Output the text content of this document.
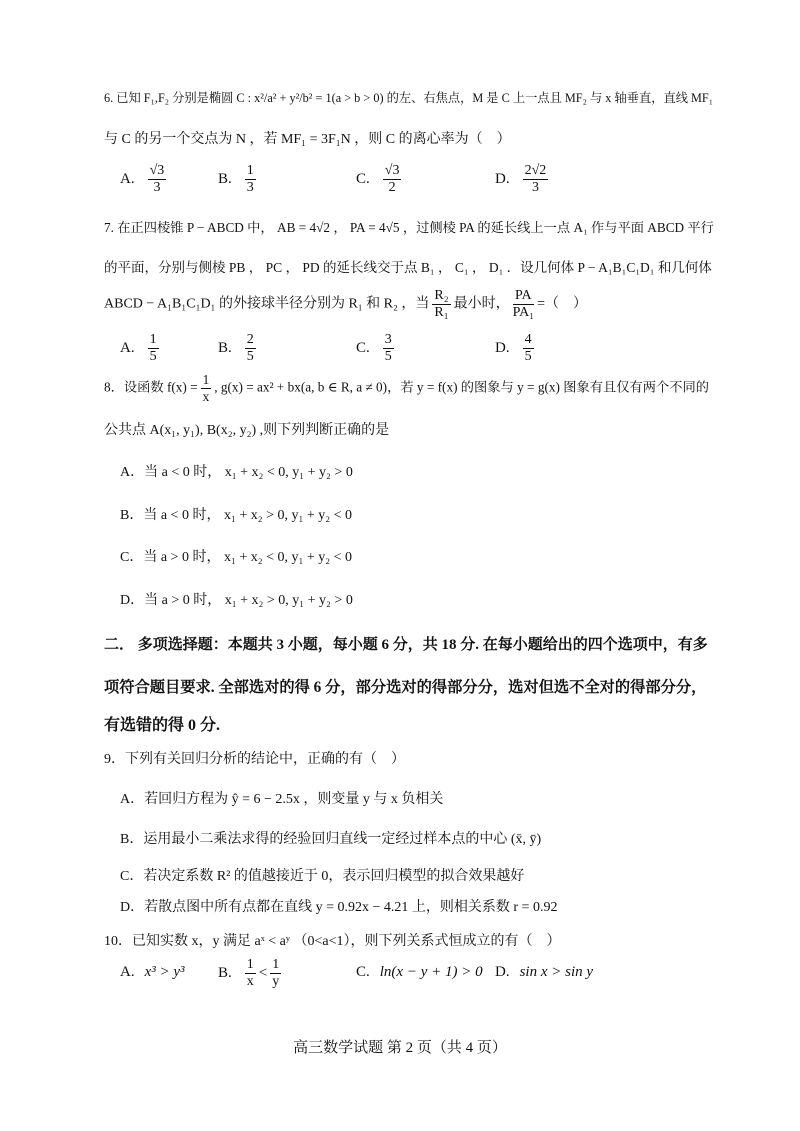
6. 已知 F₁,F₂ 分别是椭圆 C : x²/a² + y²/b² = 1(a > b > 0) 的左、右焦点，M 是 C 上一点且 MF₂ 与 x 轴垂直，直线 MF₁
与 C 的另一个交点为 N ，若 MF₁ = 3F₁N ，则 C 的离心率为（　）
A. $\frac{√3}{3}$	B. $\frac{1}{3}$	C. $\frac{√3}{2}$	D. $\frac{2√2}{3}$
7. 在正四棱锥 P − ABCD 中， AB = 4√2 ， PA = 4√5 ，过侧棱 PA 的延长线上一点 A₁ 作与平面 ABCD 平行
的平面，分别与侧棱 PB ， PC ， PD 的延长线交于点 B₁ ， C₁ ， D₁ ．设几何体 P − A₁B₁C₁D₁ 和几何体
ABCD − A₁B₁C₁D₁ 的外接球半径分别为 R₁ 和 R₂ ，当 $\frac{\text{R₂}}{\text{R₁}}$ 最小时， $\frac{PA}{\text{PA₁}}$ =（　）
A. $\frac{1}{5}$	B. $\frac{2}{5}$	C. $\frac{3}{5}$	D. $\frac{4}{5}$
8．设函数 $f(x) = \frac{1}{x}$ , g(x) = ax² + bx(a, b ∈ R, a ≠ 0)，若 y = f(x) 的图象与 y = g(x) 图象有且仅有两个不同的
公共点 A(x₁, y₁), B(x₂, y₂) ,则下列判断正确的是
A．当 a < 0 时， x₁ + x₂ < 0, y₁ + y₂ > 0
B．当 a < 0 时， x₁ + x₂ > 0, y₁ + y₂ < 0
C．当 a > 0 时， x₁ + x₂ < 0, y₁ + y₂ < 0
D．当 a > 0 时， x₁ + x₂ > 0, y₁ + y₂ > 0
二． 多项选择题：本题共 3 小题，每小题 6 分，共 18 分. 在每小题给出的四个选项中，有多
项符合题目要求. 全部选对的得 6 分，部分选对的得部分分，选对但选不全对的得部分分，
有选错的得 0 分.
9．下列有关回归分析的结论中，正确的有（　）
A．若回归方程为 ŷ = 6 − 2.5x ，则变量 y 与 x 负相关
B．运用最小二乘法求得的经验回归直线一定经过样本点的中心 (x̄, ȳ)
C．若决定系数 R² 的值越接近于 0，表示回归模型的拟合效果越好
D．若散点图中所有点都在直线 y = 0.92x − 4.21 上，则相关系数 r = 0.92
10．已知实数 x，y 满足 aˣ < aʸ （0<a<1），则下列关系式恒成立的有（　）
A. x³ > y³ B. $\frac{1}{x} < \frac{1}{y}$	C. ln(x − y + 1) > 0 D. sin x > sin y
高三数学试题 第 2 页（共 4 页）
